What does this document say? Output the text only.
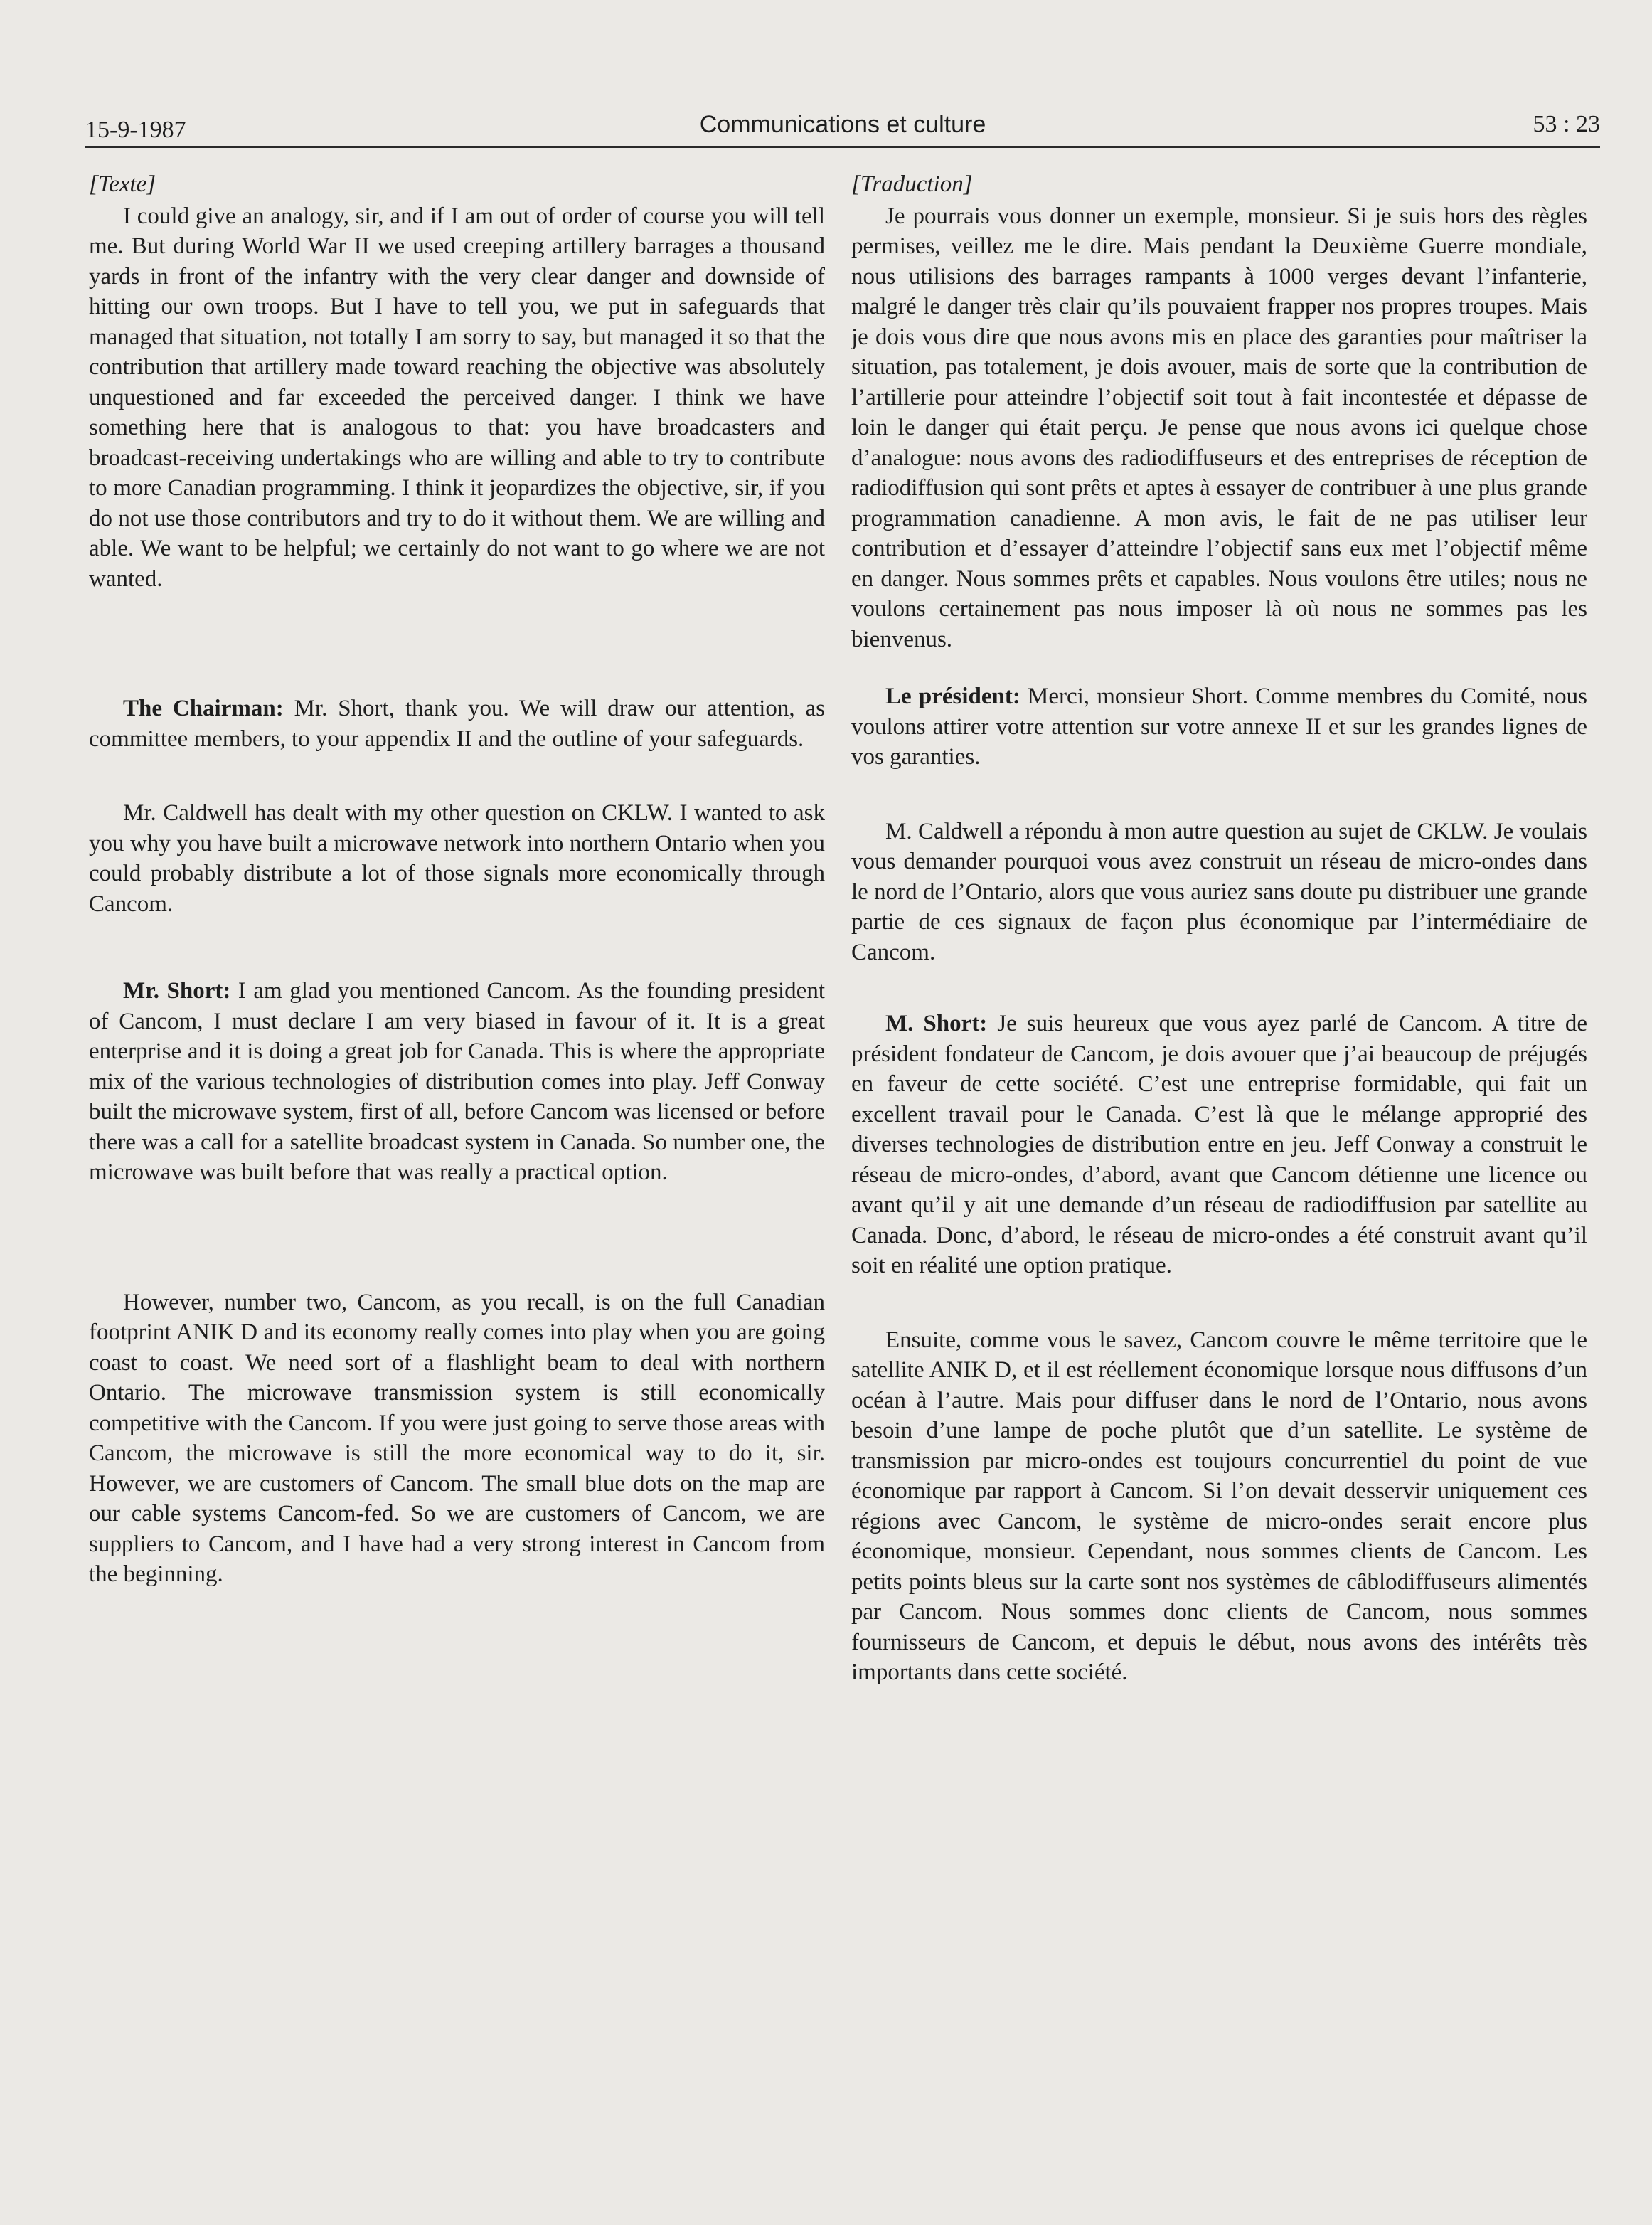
15-9-1987	Communications et culture	53 : 23

[Texte]

I could give an analogy, sir, and if I am out of order of course you will tell me. But during World War II we used creeping artillery barrages a thousand yards in front of the infantry with the very clear danger and downside of hitting our own troops. But I have to tell you, we put in safeguards that managed that situation, not totally I am sorry to say, but managed it so that the contribution that artillery made toward reaching the objective was absolutely unquestioned and far exceeded the perceived danger. I think we have something here that is analogous to that: you have broadcasters and broadcast-receiving undertakings who are willing and able to try to contribute to more Canadian programming. I think it jeopardizes the objective, sir, if you do not use those contributors and try to do it without them. We are willing and able. We want to be helpful; we certainly do not want to go where we are not wanted.

The Chairman: Mr. Short, thank you. We will draw our attention, as committee members, to your appendix II and the outline of your safeguards.

Mr. Caldwell has dealt with my other question on CKLW. I wanted to ask you why you have built a microwave network into northern Ontario when you could probably distribute a lot of those signals more economically through Cancom.

Mr. Short: I am glad you mentioned Cancom. As the founding president of Cancom, I must declare I am very biased in favour of it. It is a great enterprise and it is doing a great job for Canada. This is where the appropriate mix of the various technologies of distribution comes into play. Jeff Conway built the microwave system, first of all, before Cancom was licensed or before there was a call for a satellite broadcast system in Canada. So number one, the microwave was built before that was really a practical option.

However, number two, Cancom, as you recall, is on the full Canadian footprint ANIK D and its economy really comes into play when you are going coast to coast. We need sort of a flashlight beam to deal with northern Ontario. The microwave transmission system is still economically competitive with the Cancom. If you were just going to serve those areas with Cancom, the microwave is still the more economical way to do it, sir. However, we are customers of Cancom. The small blue dots on the map are our cable systems Cancom-fed. So we are customers of Cancom, we are suppliers to Cancom, and I have had a very strong interest in Cancom from the beginning.

[Traduction]

Je pourrais vous donner un exemple, monsieur. Si je suis hors des règles permises, veillez me le dire. Mais pendant la Deuxième Guerre mondiale, nous utilisions des barrages rampants à 1000 verges devant l’infanterie, malgré le danger très clair qu’ils pouvaient frapper nos propres troupes. Mais je dois vous dire que nous avons mis en place des garanties pour maîtriser la situation, pas totalement, je dois avouer, mais de sorte que la contribution de l’artillerie pour atteindre l’objectif soit tout à fait incontestée et dépasse de loin le danger qui était perçu. Je pense que nous avons ici quelque chose d’analogue: nous avons des radiodiffuseurs et des entreprises de réception de radiodiffusion qui sont prêts et aptes à essayer de contribuer à une plus grande programmation canadienne. A mon avis, le fait de ne pas utiliser leur contribution et d’essayer d’atteindre l’objectif sans eux met l’objectif même en danger. Nous sommes prêts et capables. Nous voulons être utiles; nous ne voulons certainement pas nous imposer là où nous ne sommes pas les bienvenus.

Le président: Merci, monsieur Short. Comme membres du Comité, nous voulons attirer votre attention sur votre annexe II et sur les grandes lignes de vos garanties.

M. Caldwell a répondu à mon autre question au sujet de CKLW. Je voulais vous demander pourquoi vous avez construit un réseau de micro-ondes dans le nord de l’Ontario, alors que vous auriez sans doute pu distribuer une grande partie de ces signaux de façon plus économique par l’intermédiaire de Cancom.

M. Short: Je suis heureux que vous ayez parlé de Cancom. A titre de président fondateur de Cancom, je dois avouer que j’ai beaucoup de préjugés en faveur de cette société. C’est une entreprise formidable, qui fait un excellent travail pour le Canada. C’est là que le mélange approprié des diverses technologies de distribution entre en jeu. Jeff Conway a construit le réseau de micro-ondes, d’abord, avant que Cancom détienne une licence ou avant qu’il y ait une demande d’un réseau de radiodiffusion par satellite au Canada. Donc, d’abord, le réseau de micro-ondes a été construit avant qu’il soit en réalité une option pratique.

Ensuite, comme vous le savez, Cancom couvre le même territoire que le satellite ANIK D, et il est réellement économique lorsque nous diffusons d’un océan à l’autre. Mais pour diffuser dans le nord de l’Ontario, nous avons besoin d’une lampe de poche plutôt que d’un satellite. Le système de transmission par micro-ondes est toujours concurrentiel du point de vue économique par rapport à Cancom. Si l’on devait desservir uniquement ces régions avec Cancom, le système de micro-ondes serait encore plus économique, monsieur. Cependant, nous sommes clients de Cancom. Les petits points bleus sur la carte sont nos systèmes de câblodiffuseurs alimentés par Cancom. Nous sommes donc clients de Cancom, nous sommes fournisseurs de Cancom, et depuis le début, nous avons des intérêts très importants dans cette société.
